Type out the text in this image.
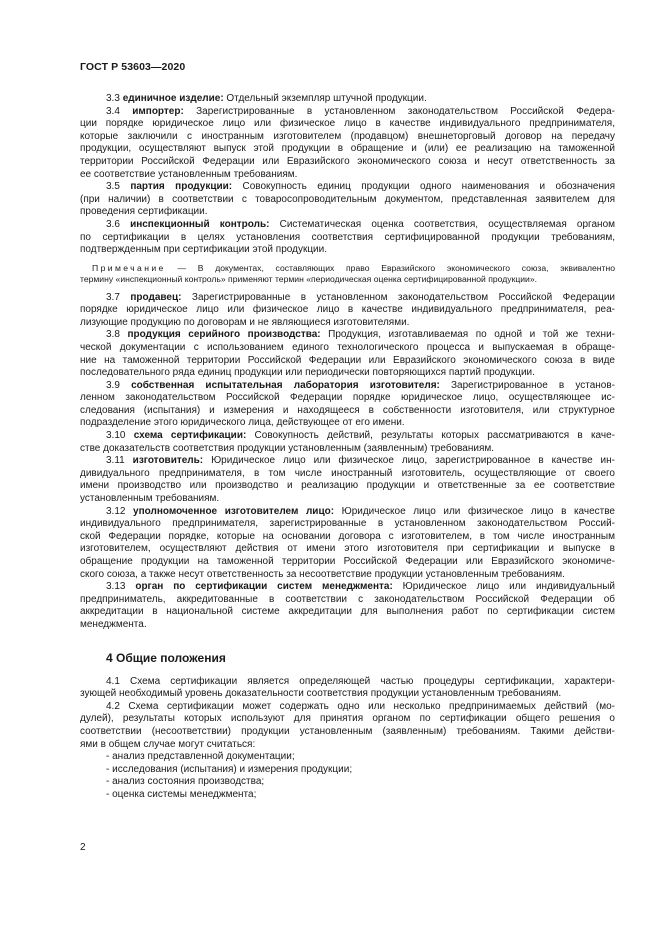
ГОСТ Р 53603—2020
3.3 единичное изделие: Отдельный экземпляр штучной продукции.
3.4 импортер: Зарегистрированные в установленном законодательством Российской Федера-
ции порядке юридическое лицо или физическое лицо в качестве индивидуального предпринимателя,
которые заключили с иностранным изготовителем (продавцом) внешнеторговый договор на передачу
продукции, осуществляют выпуск этой продукции в обращение и (или) ее реализацию на таможенной
территории Российской Федерации или Евразийского экономического союза и несут ответственность за
ее соответствие установленным требованиям.
3.5 партия продукции: Совокупность единиц продукции одного наименования и обозначения
(при наличии) в соответствии с товаросопроводительным документом, представленная заявителем для
проведения сертификации.
3.6 инспекционный контроль: Систематическая оценка соответствия, осуществляемая органом
по сертификации в целях установления соответствия сертифицированной продукции требованиям,
подтвержденным при сертификации этой продукции.
Примечание — В документах, составляющих право Евразийского экономического союза, эквивалентно
термину «инспекционный контроль» применяют термин «периодическая оценка сертифицированной продукции».
3.7 продавец: Зарегистрированные в установленном законодательством Российской Федерации
порядке юридическое лицо или физическое лицо в качестве индивидуального предпринимателя, реа-
лизующие продукцию по договорам и не являющиеся изготовителями.
3.8 продукция серийного производства: Продукция, изготавливаемая по одной и той же техни-
ческой документации с использованием единого технологического процесса и выпускаемая в обраще-
ние на таможенной территории Российской Федерации или Евразийского экономического союза в виде
последовательного ряда единиц продукции или периодически повторяющихся партий продукции.
3.9 собственная испытательная лаборатория изготовителя: Зарегистрированное в установ-
ленном законодательством Российской Федерации порядке юридическое лицо, осуществляющее ис-
следования (испытания) и измерения и находящееся в собственности изготовителя, или структурное
подразделение этого юридического лица, действующее от его имени.
3.10 схема сертификации: Совокупность действий, результаты которых рассматриваются в каче-
стве доказательств соответствия продукции установленным (заявленным) требованиям.
3.11 изготовитель: Юридическое лицо или физическое лицо, зарегистрированное в качестве ин-
дивидуального предпринимателя, в том числе иностранный изготовитель, осуществляющие от своего
имени производство или производство и реализацию продукции и ответственные за ее соответствие
установленным требованиям.
3.12 уполномоченное изготовителем лицо: Юридическое лицо или физическое лицо в качестве
индивидуального предпринимателя, зарегистрированные в установленном законодательством Россий-
ской Федерации порядке, которые на основании договора с изготовителем, в том числе иностранным
изготовителем, осуществляют действия от имени этого изготовителя при сертификации и выпуске в
обращение продукции на таможенной территории Российской Федерации или Евразийского экономиче-
ского союза, а также несут ответственность за несоответствие продукции установленным требованиям.
3.13 орган по сертификации систем менеджмента: Юридическое лицо или индивидуальный
предприниматель, аккредитованные в соответствии с законодательством Российской Федерации об
аккредитации в национальной системе аккредитации для выполнения работ по сертификации систем
менеджмента.
4 Общие положения
4.1 Схема сертификации является определяющей частью процедуры сертификации, характери-
зующей необходимый уровень доказательности соответствия продукции установленным требованиям.
4.2 Схема сертификации может содержать одно или несколько предпринимаемых действий (мо-
дулей), результаты которых используют для принятия органом по сертификации общего решения о
соответствии (несоответствии) продукции установленным (заявленным) требованиям. Такими действи-
ями в общем случае могут считаться:
- анализ представленной документации;
- исследования (испытания) и измерения продукции;
- анализ состояния производства;
- оценка системы менеджмента;
2
